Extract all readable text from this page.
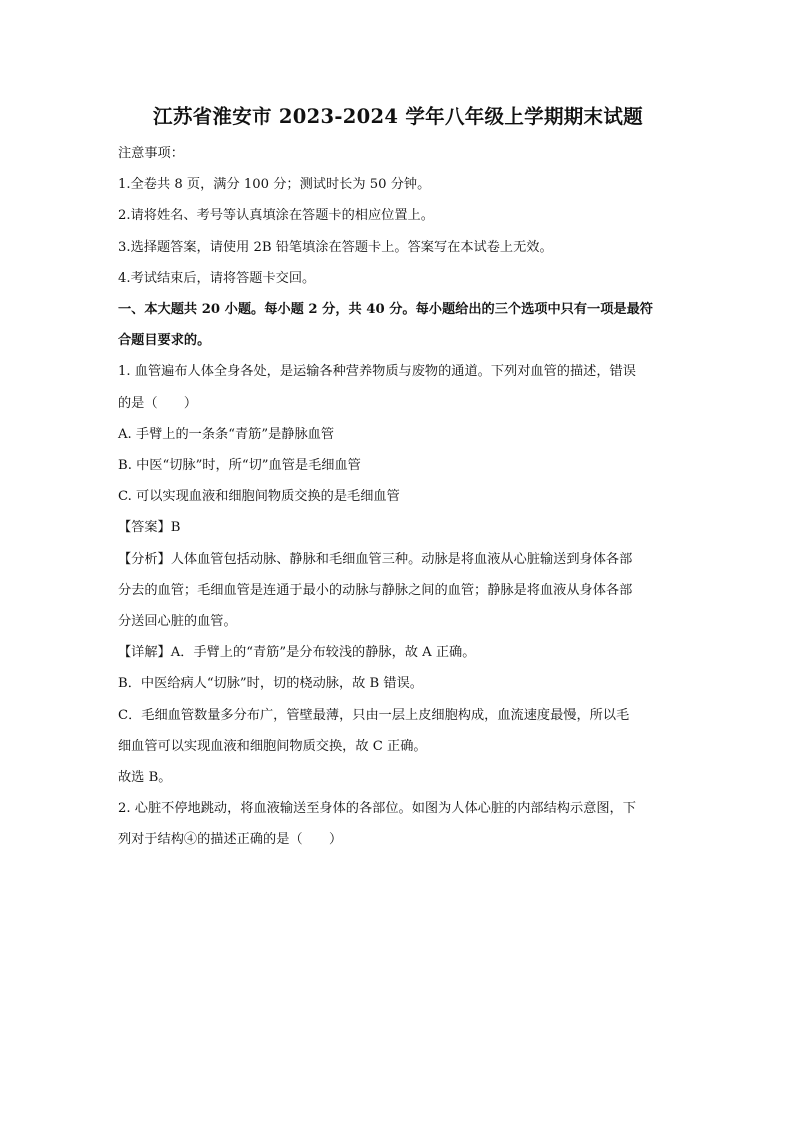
江苏省淮安市 2023-2024 学年八年级上学期期末试题
注意事项：
1.全卷共 8 页，满分 100 分；测试时长为 50 分钟。
2.请将姓名、考号等认真填涂在答题卡的相应位置上。
3.选择题答案，请使用 2B 铅笔填涂在答题卡上。答案写在本试卷上无效。
4.考试结束后，请将答题卡交回。
一、本大题共 20 小题。每小题 2 分，共 40 分。每小题给出的三个选项中只有一项是最符
合题目要求的。
1. 血管遍布人体全身各处，是运输各种营养物质与废物的通道。下列对血管的描述，错误
的是（　　）
A. 手臂上的一条条“青筋”是静脉血管
B. 中医“切脉”时，所“切”血管是毛细血管
C. 可以实现血液和细胞间物质交换的是毛细血管
【答案】B
【分析】人体血管包括动脉、静脉和毛细血管三种。动脉是将血液从心脏输送到身体各部
分去的血管；毛细血管是连通于最小的动脉与静脉之间的血管；静脉是将血液从身体各部
分送回心脏的血管。
【详解】A．手臂上的“青筋”是分布较浅的静脉，故 A 正确。
B．中医给病人“切脉”时，切的桡动脉，故 B 错误。
C．毛细血管数量多分布广，管壁最薄，只由一层上皮细胞构成，血流速度最慢，所以毛
细血管可以实现血液和细胞间物质交换，故 C 正确。
故选 B。
2. 心脏不停地跳动，将血液输送至身体的各部位。如图为人体心脏的内部结构示意图，下
列对于结构④的描述正确的是（　　）
